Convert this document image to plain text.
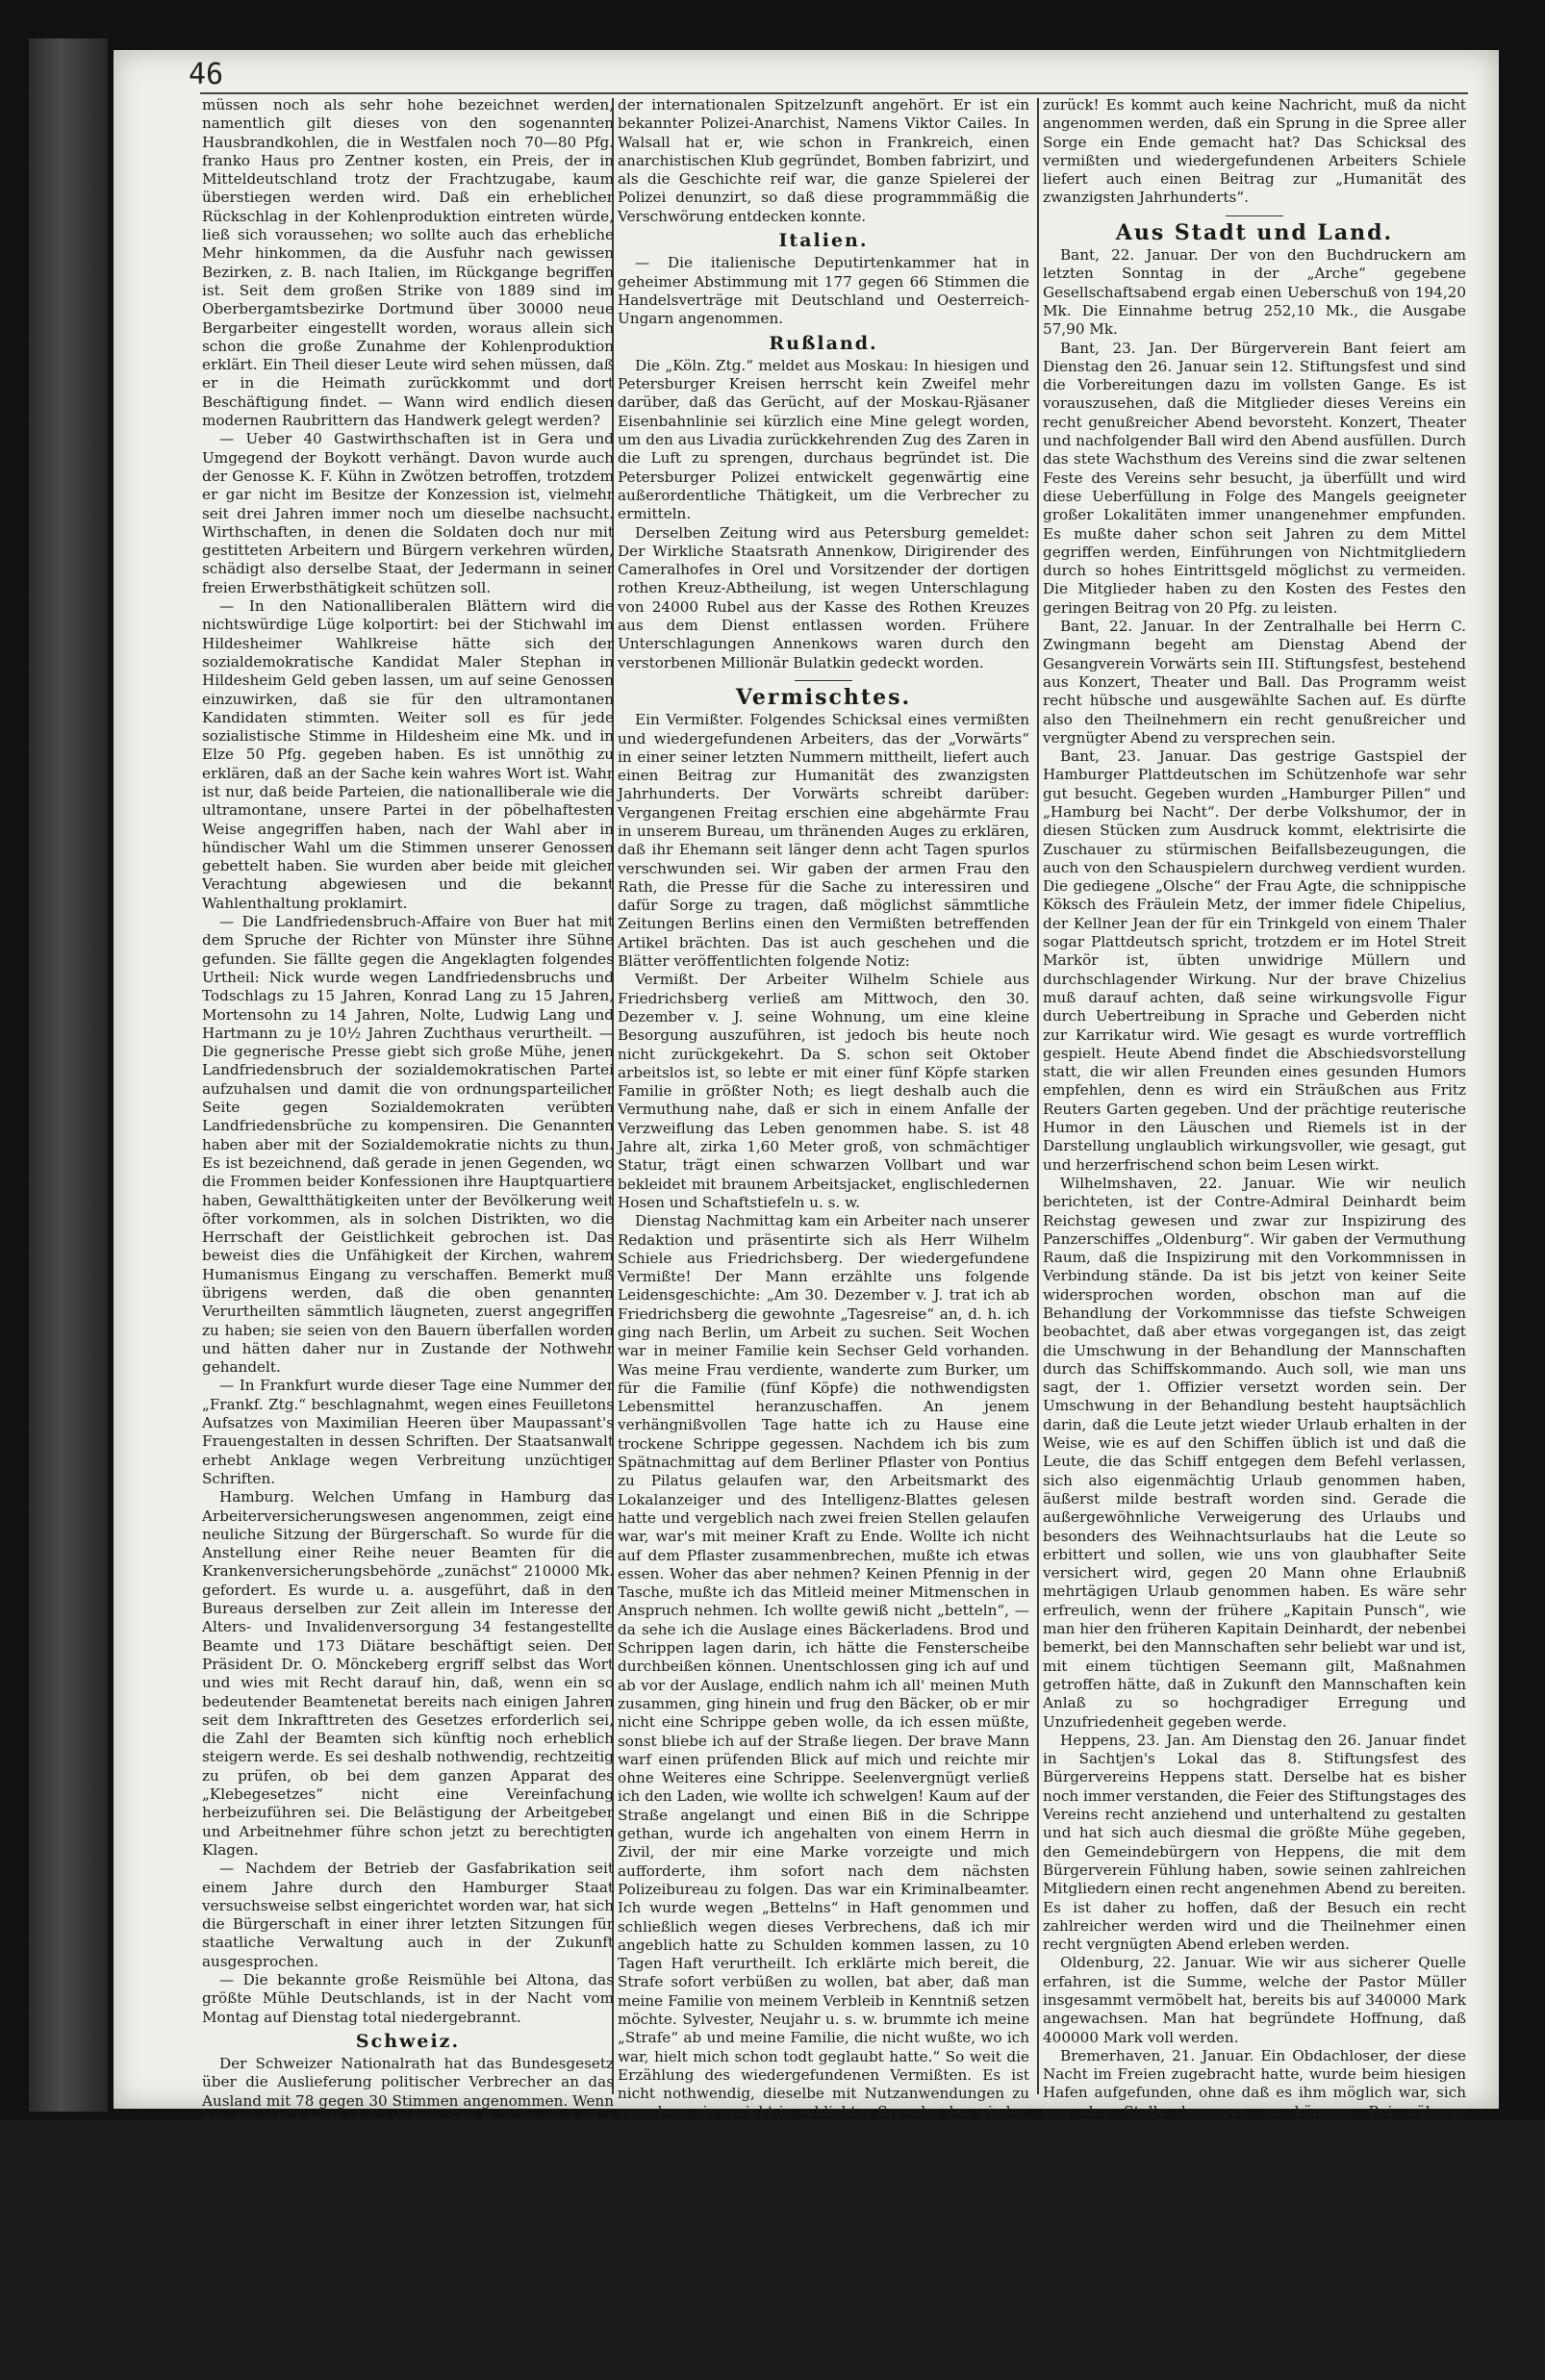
46

müssen noch als sehr hohe bezeichnet werden, namentlich gilt dieses von den sogenannten Hausbrandkohlen, die in Westfalen noch 70—80 Pfg. franko Haus pro Zentner kosten, ein Preis, der in Mitteldeutschland trotz der Frachtzugabe, kaum überstiegen werden wird. Daß ein erheblicher Rückschlag in der Kohlenproduktion eintreten würde, ließ sich voraussehen; wo sollte auch das erhebliche Mehr hinkommen, da die Ausfuhr nach gewissen Bezirken, z. B. nach Italien, im Rückgange begriffen ist. Seit dem großen Strike von 1889 sind im Oberbergamtsbezirke Dortmund über 30000 neue Bergarbeiter eingestellt worden, woraus allein sich schon die große Zunahme der Kohlenproduktion erklärt. Ein Theil dieser Leute wird sehen müssen, daß er in die Heimath zurückkommt und dort Beschäftigung findet. — Wann wird endlich diesen modernen Raubrittern das Handwerk gelegt werden?

— Ueber 40 Gastwirthschaften ist in Gera und Umgegend der Boykott verhängt. Davon wurde auch der Genosse K. F. Kühn in Zwötzen betroffen, trotzdem er gar nicht im Besitze der Konzession ist, vielmehr seit drei Jahren immer noch um dieselbe nachsucht. Wirthschaften, in denen die Soldaten doch nur mit gestitteten Arbeitern und Bürgern verkehren würden, schädigt also derselbe Staat, der Jedermann in seiner freien Erwerbsthätigkeit schützen soll.

— In den Nationalliberalen Blättern wird die nichtswürdige Lüge kolportirt: bei der Stichwahl im Hildesheimer Wahlkreise hätte sich der sozialdemokratische Kandidat Maler Stephan in Hildesheim Geld geben lassen, um auf seine Genossen einzuwirken, daß sie für den ultramontanen Kandidaten stimmten. Weiter soll es für jede sozialistische Stimme in Hildesheim eine Mk. und in Elze 50 Pfg. gegeben haben. Es ist unnöthig zu erklären, daß an der Sache kein wahres Wort ist. Wahr ist nur, daß beide Parteien, die nationalliberale wie die ultramontane, unsere Partei in der pöbelhaftesten Weise angegriffen haben, nach der Wahl aber in hündischer Wahl um die Stimmen unserer Genossen gebettelt haben. Sie wurden aber beide mit gleicher Verachtung abgewiesen und die bekannt Wahlenthaltung proklamirt.

— Die Landfriedensbruch-Affaire von Buer hat mit dem Spruche der Richter von Münster ihre Sühne gefunden. Sie fällte gegen die Angeklagten folgendes Urtheil: Nick wurde wegen Landfriedensbruchs und Todschlags zu 15 Jahren, Konrad Lang zu 15 Jahren, Mortensohn zu 14 Jahren, Nolte, Ludwig Lang und Hartmann zu je 10½ Jahren Zuchthaus verurtheilt. — Die gegnerische Presse giebt sich große Mühe, jenen Landfriedensbruch der sozialdemokratischen Partei aufzuhalsen und damit die von ordnungsparteilicher Seite gegen Sozialdemokraten verübten Landfriedensbrüche zu kompensiren. Die Genannten haben aber mit der Sozialdemokratie nichts zu thun. Es ist bezeichnend, daß gerade in jenen Gegenden, wo die Frommen beider Konfessionen ihre Hauptquartiere haben, Gewaltthätigkeiten unter der Bevölkerung weit öfter vorkommen, als in solchen Distrikten, wo die Herrschaft der Geistlichkeit gebrochen ist. Das beweist dies die Unfähigkeit der Kirchen, wahrem Humanismus Eingang zu verschaffen. Bemerkt muß übrigens werden, daß die oben genannten Verurtheilten sämmtlich läugneten, zuerst angegriffen zu haben; sie seien von den Bauern überfallen worden und hätten daher nur in Zustande der Nothwehr gehandelt.

— In Frankfurt wurde dieser Tage eine Nummer der „Frankf. Ztg.“ beschlagnahmt, wegen eines Feuilletons Aufsatzes von Maximilian Heeren über Maupassant's Frauengestalten in dessen Schriften. Der Staatsanwalt erhebt Anklage wegen Verbreitung unzüchtiger Schriften.

Hamburg. Welchen Umfang in Hamburg das Arbeiterversicherungswesen angenommen, zeigt eine neuliche Sitzung der Bürgerschaft. So wurde für die Anstellung einer Reihe neuer Beamten für die Krankenversicherungsbehörde „zunächst“ 210000 Mk. gefordert. Es wurde u. a. ausgeführt, daß in den Bureaus derselben zur Zeit allein im Interesse der Alters- und Invalidenversorgung 34 festangestellte Beamte und 173 Diätare beschäftigt seien. Der Präsident Dr. O. Mönckeberg ergriff selbst das Wort und wies mit Recht darauf hin, daß, wenn ein so bedeutender Beamtenetat bereits nach einigen Jahren seit dem Inkrafttreten des Gesetzes erforderlich sei, die Zahl der Beamten sich künftig noch erheblich steigern werde. Es sei deshalb nothwendig, rechtzeitig zu prüfen, ob bei dem ganzen Apparat des „Klebegesetzes“ nicht eine Vereinfachung herbeizuführen sei. Die Belästigung der Arbeitgeber und Arbeitnehmer führe schon jetzt zu berechtigten Klagen.

— Nachdem der Betrieb der Gasfabrikation seit einem Jahre durch den Hamburger Staat versuchsweise selbst eingerichtet worden war, hat sich die Bürgerschaft in einer ihrer letzten Sitzungen für staatliche Verwaltung auch in der Zukunft ausgesprochen.

— Die bekannte große Reismühle bei Altona, das größte Mühle Deutschlands, ist in der Nacht vom Montag auf Dienstag total niedergebrannt.

Schweiz.

Der Schweizer Nationalrath hat das Bundesgesetz über die Auslieferung politischer Verbrecher an das Ausland mit 78 gegen 30 Stimmen angenommen. Wenn der Auszuliefernde einen politischen Beweggrund oder Zweck vorschützt, wird er gleichwohl von der Schweiz ausgeliefert, sofern die in Frage stehende Handlung vorwiegend den Charakter eines gemeinen Verbrechens oder Vergehens hat. Das Bundesgericht entscheidet im einzelnen Fall nach freiem Ermessen. Das Gesetz wird erst rechtskräftig, nachdem die dreimonatliche Referendumsfrist unbenutzt verstrichen sein wird.

England.

— In Walsall in England wurde neulich eine anarchistische Bombenverschwörung entdeckt. Es stellt sich nun heraus, wie wir richtig vermuthet, daß der Anstifter

der internationalen Spitzelzunft angehört. Er ist ein bekannter Polizei-Anarchist, Namens Viktor Cailes. In Walsall hat er, wie schon in Frankreich, einen anarchistischen Klub gegründet, Bomben fabrizirt, und als die Geschichte reif war, die ganze Spielerei der Polizei denunzirt, so daß diese programmmäßig die Verschwörung entdecken konnte.

Italien.

— Die italienische Deputirtenkammer hat in geheimer Abstimmung mit 177 gegen 66 Stimmen die Handelsverträge mit Deutschland und Oesterreich-Ungarn angenommen.

Rußland.

Die „Köln. Ztg.“ meldet aus Moskau: In hiesigen und Petersburger Kreisen herrscht kein Zweifel mehr darüber, daß das Gerücht, auf der Moskau-Rjäsaner Eisenbahnlinie sei kürzlich eine Mine gelegt worden, um den aus Livadia zurückkehrenden Zug des Zaren in die Luft zu sprengen, durchaus begründet ist. Die Petersburger Polizei entwickelt gegenwärtig eine außerordentliche Thätigkeit, um die Verbrecher zu ermitteln.

Derselben Zeitung wird aus Petersburg gemeldet: Der Wirkliche Staatsrath Annenkow, Dirigirender des Cameralhofes in Orel und Vorsitzender der dortigen rothen Kreuz-Abtheilung, ist wegen Unterschlagung von 24000 Rubel aus der Kasse des Rothen Kreuzes aus dem Dienst entlassen worden. Frühere Unterschlagungen Annenkows waren durch den verstorbenen Millionär Bulatkin gedeckt worden.

Vermischtes.

Ein Vermißter. Folgendes Schicksal eines vermißten und wiedergefundenen Arbeiters, das der „Vorwärts“ in einer seiner letzten Nummern mittheilt, liefert auch einen Beitrag zur Humanität des zwanzigsten Jahrhunderts. Der Vorwärts schreibt darüber: Vergangenen Freitag erschien eine abgehärmte Frau in unserem Bureau, um thränenden Auges zu erklären, daß ihr Ehemann seit länger denn acht Tagen spurlos verschwunden sei. Wir gaben der armen Frau den Rath, die Presse für die Sache zu interessiren und dafür Sorge zu tragen, daß möglichst sämmtliche Zeitungen Berlins einen den Vermißten betreffenden Artikel brächten. Das ist auch geschehen und die Blätter veröffentlichten folgende Notiz:

Vermißt. Der Arbeiter Wilhelm Schiele aus Friedrichsberg verließ am Mittwoch, den 30. Dezember v. J. seine Wohnung, um eine kleine Besorgung auszuführen, ist jedoch bis heute noch nicht zurückgekehrt. Da S. schon seit Oktober arbeitslos ist, so lebte er mit einer fünf Köpfe starken Familie in größter Noth; es liegt deshalb auch die Vermuthung nahe, daß er sich in einem Anfalle der Verzweiflung das Leben genommen habe. S. ist 48 Jahre alt, zirka 1,60 Meter groß, von schmächtiger Statur, trägt einen schwarzen Vollbart und war bekleidet mit braunem Arbeitsjacket, englischledernen Hosen und Schaftstiefeln u. s. w.

Dienstag Nachmittag kam ein Arbeiter nach unserer Redaktion und präsentirte sich als Herr Wilhelm Schiele aus Friedrichsberg. Der wiedergefundene Vermißte! Der Mann erzählte uns folgende Leidensgeschichte: „Am 30. Dezember v. J. trat ich ab Friedrichsberg die gewohnte „Tagesreise“ an, d. h. ich ging nach Berlin, um Arbeit zu suchen. Seit Wochen war in meiner Familie kein Sechser Geld vorhanden. Was meine Frau verdiente, wanderte zum Burker, um für die Familie (fünf Köpfe) die nothwendigsten Lebensmittel heranzuschaffen. An jenem verhängnißvollen Tage hatte ich zu Hause eine trockene Schrippe gegessen. Nachdem ich bis zum Spätnachmittag auf dem Berliner Pflaster von Pontius zu Pilatus gelaufen war, den Arbeitsmarkt des Lokalanzeiger und des Intelligenz-Blattes gelesen hatte und vergeblich nach zwei freien Stellen gelaufen war, war's mit meiner Kraft zu Ende. Wollte ich nicht auf dem Pflaster zusammenbrechen, mußte ich etwas essen. Woher das aber nehmen? Keinen Pfennig in der Tasche, mußte ich das Mitleid meiner Mitmenschen in Anspruch nehmen. Ich wollte gewiß nicht „betteln“, — da sehe ich die Auslage eines Bäckerladens. Brod und Schrippen lagen darin, ich hätte die Fensterscheibe durchbeißen können. Unentschlossen ging ich auf und ab vor der Auslage, endlich nahm ich all' meinen Muth zusammen, ging hinein und frug den Bäcker, ob er mir nicht eine Schrippe geben wolle, da ich essen müßte, sonst bliebe ich auf der Straße liegen. Der brave Mann warf einen prüfenden Blick auf mich und reichte mir ohne Weiteres eine Schrippe. Seelenvergnügt verließ ich den Laden, wie wollte ich schwelgen! Kaum auf der Straße angelangt und einen Biß in die Schrippe gethan, wurde ich angehalten von einem Herrn in Zivil, der mir eine Marke vorzeigte und mich aufforderte, ihm sofort nach dem nächsten Polizeibureau zu folgen. Das war ein Kriminalbeamter. Ich wurde wegen „Bettelns“ in Haft genommen und schließlich wegen dieses Verbrechens, daß ich mir angeblich hatte zu Schulden kommen lassen, zu 10 Tagen Haft verurtheilt. Ich erklärte mich bereit, die Strafe sofort verbüßen zu wollen, bat aber, daß man meine Familie von meinem Verbleib in Kenntniß setzen möchte. Sylvester, Neujahr u. s. w. brummte ich meine „Strafe“ ab und meine Familie, die nicht wußte, wo ich war, hielt mich schon todt geglaubt hatte.“ So weit die Erzählung des wiedergefundenen Vermißten. Es ist nicht nothwendig, dieselbe mit Nutzanwendungen zu versehen, sie spricht in schlichter Sprache das wieder, was einem Beitzlosen in Berlin heute passiren kann. Sind das menschenwürdige Zustände? Der Mann, dem ein Bäcker Situlter ein Brod schenkt, wird wegen Bettelns eingesperrt, ihm wird die Möglichkeit genommen, sich mit seiner Frau und seiner Familie zu verständigen. Zu Haus herrscht Todesschrecken, herrscht das Elend. Die arme Frau weiß nicht aus, nicht ein, der Mann geht weg, er kommt innerhalb einer Woche nicht

zurück! Es kommt auch keine Nachricht, muß da nicht angenommen werden, daß ein Sprung in die Spree aller Sorge ein Ende gemacht hat? Das Schicksal des vermißten und wiedergefundenen Arbeiters Schiele liefert auch einen Beitrag zur „Humanität des zwanzigsten Jahrhunderts“.

Aus Stadt und Land.

Bant, 22. Januar. Der von den Buchdruckern am letzten Sonntag in der „Arche“ gegebene Gesellschaftsabend ergab einen Ueberschuß von 194,20 Mk. Die Einnahme betrug 252,10 Mk., die Ausgabe 57,90 Mk.

Bant, 23. Jan. Der Bürgerverein Bant feiert am Dienstag den 26. Januar sein 12. Stiftungsfest und sind die Vorbereitungen dazu im vollsten Gange. Es ist vorauszusehen, daß die Mitglieder dieses Vereins ein recht genußreicher Abend bevorsteht. Konzert, Theater und nachfolgender Ball wird den Abend ausfüllen. Durch das stete Wachsthum des Vereins sind die zwar seltenen Feste des Vereins sehr besucht, ja überfüllt und wird diese Ueberfüllung in Folge des Mangels geeigneter großer Lokalitäten immer unangenehmer empfunden. Es mußte daher schon seit Jahren zu dem Mittel gegriffen werden, Einführungen von Nichtmitgliedern durch so hohes Eintrittsgeld möglichst zu vermeiden. Die Mitglieder haben zu den Kosten des Festes den geringen Beitrag von 20 Pfg. zu leisten.

Bant, 22. Januar. In der Zentralhalle bei Herrn C. Zwingmann begeht am Dienstag Abend der Gesangverein Vorwärts sein III. Stiftungsfest, bestehend aus Konzert, Theater und Ball. Das Programm weist recht hübsche und ausgewählte Sachen auf. Es dürfte also den Theilnehmern ein recht genußreicher und vergnügter Abend zu versprechen sein.

Bant, 23. Januar. Das gestrige Gastspiel der Hamburger Plattdeutschen im Schützenhofe war sehr gut besucht. Gegeben wurden „Hamburger Pillen“ und „Hamburg bei Nacht“. Der derbe Volkshumor, der in diesen Stücken zum Ausdruck kommt, elektrisirte die Zuschauer zu stürmischen Beifallsbezeugungen, die auch von den Schauspielern durchweg verdient wurden. Die gediegene „Olsche“ der Frau Agte, die schnippische Köksch des Fräulein Metz, der immer fidele Chipelius, der Kellner Jean der für ein Trinkgeld von einem Thaler sogar Plattdeutsch spricht, trotzdem er im Hotel Streit Markör ist, übten unwidrige Müllern und durchschlagender Wirkung. Nur der brave Chizelius muß darauf achten, daß seine wirkungsvolle Figur durch Uebertreibung in Sprache und Geberden nicht zur Karrikatur wird. Wie gesagt es wurde vortrefflich gespielt. Heute Abend findet die Abschiedsvorstellung statt, die wir allen Freunden eines gesunden Humors empfehlen, denn es wird ein Sträußchen aus Fritz Reuters Garten gegeben. Und der prächtige reuterische Humor in den Läuschen und Riemels ist in der Darstellung unglaublich wirkungsvoller, wie gesagt, gut und herzerfrischend schon beim Lesen wirkt.

Wilhelmshaven, 22. Januar. Wie wir neulich berichteten, ist der Contre-Admiral Deinhardt beim Reichstag gewesen und zwar zur Inspizirung des Panzerschiffes „Oldenburg“. Wir gaben der Vermuthung Raum, daß die Inspizirung mit den Vorkommnissen in Verbindung stände. Da ist bis jetzt von keiner Seite widersprochen worden, obschon man auf die Behandlung der Vorkommnisse das tiefste Schweigen beobachtet, daß aber etwas vorgegangen ist, das zeigt die Umschwung in der Behandlung der Mannschaften durch das Schiffskommando. Auch soll, wie man uns sagt, der 1. Offizier versetzt worden sein. Der Umschwung in der Behandlung besteht hauptsächlich darin, daß die Leute jetzt wieder Urlaub erhalten in der Weise, wie es auf den Schiffen üblich ist und daß die Leute, die das Schiff entgegen dem Befehl verlassen, sich also eigenmächtig Urlaub genommen haben, äußerst milde bestraft worden sind. Gerade die außergewöhnliche Verweigerung des Urlaubs und besonders des Weihnachtsurlaubs hat die Leute so erbittert und sollen, wie uns von glaubhafter Seite versichert wird, gegen 20 Mann ohne Erlaubniß mehrtägigen Urlaub genommen haben. Es wäre sehr erfreulich, wenn der frühere „Kapitain Punsch“, wie man hier den früheren Kapitain Deinhardt, der nebenbei bemerkt, bei den Mannschaften sehr beliebt war und ist, mit einem tüchtigen Seemann gilt, Maßnahmen getroffen hätte, daß in Zukunft den Mannschaften kein Anlaß zu so hochgradiger Erregung und Unzufriedenheit gegeben werde.

Heppens, 23. Jan. Am Dienstag den 26. Januar findet in Sachtjen's Lokal das 8. Stiftungsfest des Bürgervereins Heppens statt. Derselbe hat es bisher noch immer verstanden, die Feier des Stiftungstages des Vereins recht anziehend und unterhaltend zu gestalten und hat sich auch diesmal die größte Mühe gegeben, den Gemeindebürgern von Heppens, die mit dem Bürgerverein Fühlung haben, sowie seinen zahlreichen Mitgliedern einen recht angenehmen Abend zu bereiten. Es ist daher zu hoffen, daß der Besuch ein recht zahlreicher werden wird und die Theilnehmer einen recht vergnügten Abend erleben werden.

Oldenburg, 22. Januar. Wie wir aus sicherer Quelle erfahren, ist die Summe, welche der Pastor Müller insgesammt vermöbelt hat, bereits bis auf 340000 Mark angewachsen. Man hat begründete Hoffnung, daß 400000 Mark voll werden.

Bremerhaven, 21. Januar. Ein Obdachloser, der diese Nacht im Freien zugebracht hatte, wurde beim hiesigen Hafen aufgefunden, ohne daß es ihm möglich war, sich von der Stelle bewegen zu können. Bei näherer Untersuchung ergab sich, daß ihm ein Bein und ein Arm total erfroren war. Der Unglückliche wurde zum Kranken-
